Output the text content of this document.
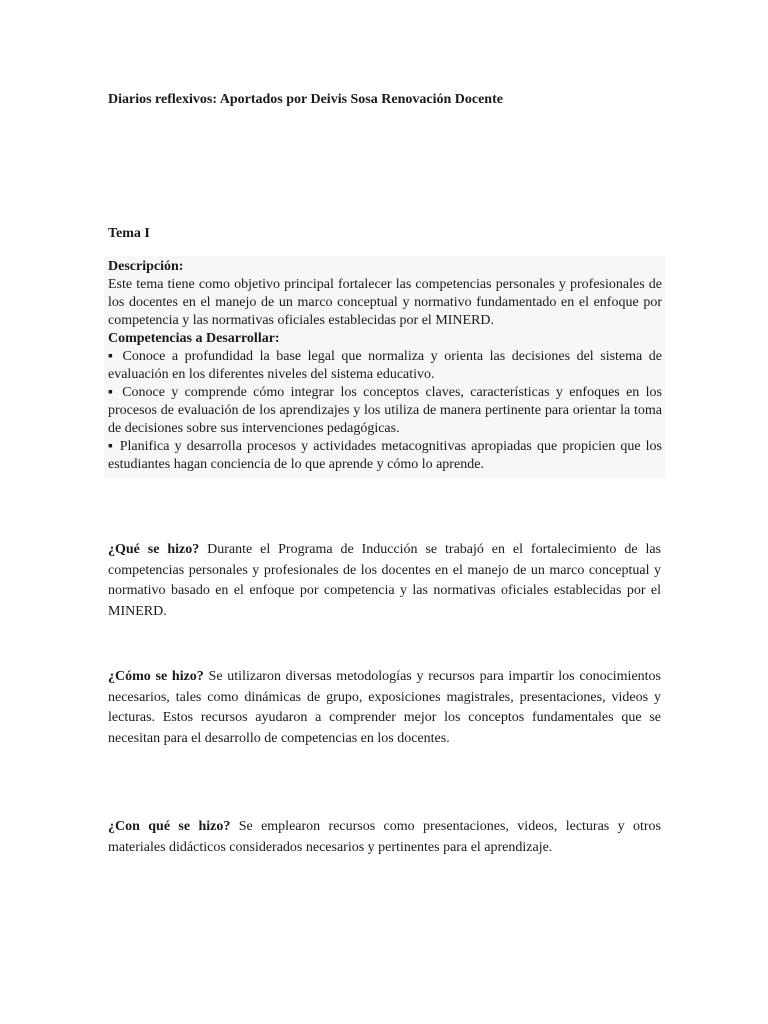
Diarios reflexivos: Aportados por Deivis Sosa Renovación Docente
Tema I
Descripción:

Este tema tiene como objetivo principal fortalecer las competencias personales y profesionales de los docentes en el manejo de un marco conceptual y normativo fundamentado en el enfoque por competencia y las normativas oficiales establecidas por el MINERD.

Competencias a Desarrollar:

▪ Conoce a profundidad la base legal que normaliza y orienta las decisiones del sistema de evaluación en los diferentes niveles del sistema educativo.

▪ Conoce y comprende cómo integrar los conceptos claves, características y enfoques en los procesos de evaluación de los aprendizajes y los utiliza de manera pertinente para orientar la toma de decisiones sobre sus intervenciones pedagógicas.

▪ Planifica y desarrolla procesos y actividades metacognitivas apropiadas que propicien que los estudiantes hagan conciencia de lo que aprende y cómo lo aprende.

¿Qué se hizo? Durante el Programa de Inducción se trabajó en el fortalecimiento de las competencias personales y profesionales de los docentes en el manejo de un marco conceptual y normativo basado en el enfoque por competencia y las normativas oficiales establecidas por el MINERD.

¿Cómo se hizo? Se utilizaron diversas metodologías y recursos para impartir los conocimientos necesarios, tales como dinámicas de grupo, exposiciones magistrales, presentaciones, videos y lecturas. Estos recursos ayudaron a comprender mejor los conceptos fundamentales que se necesitan para el desarrollo de competencias en los docentes.

¿Con qué se hizo? Se emplearon recursos como presentaciones, videos, lecturas y otros materiales didácticos considerados necesarios y pertinentes para el aprendizaje.
